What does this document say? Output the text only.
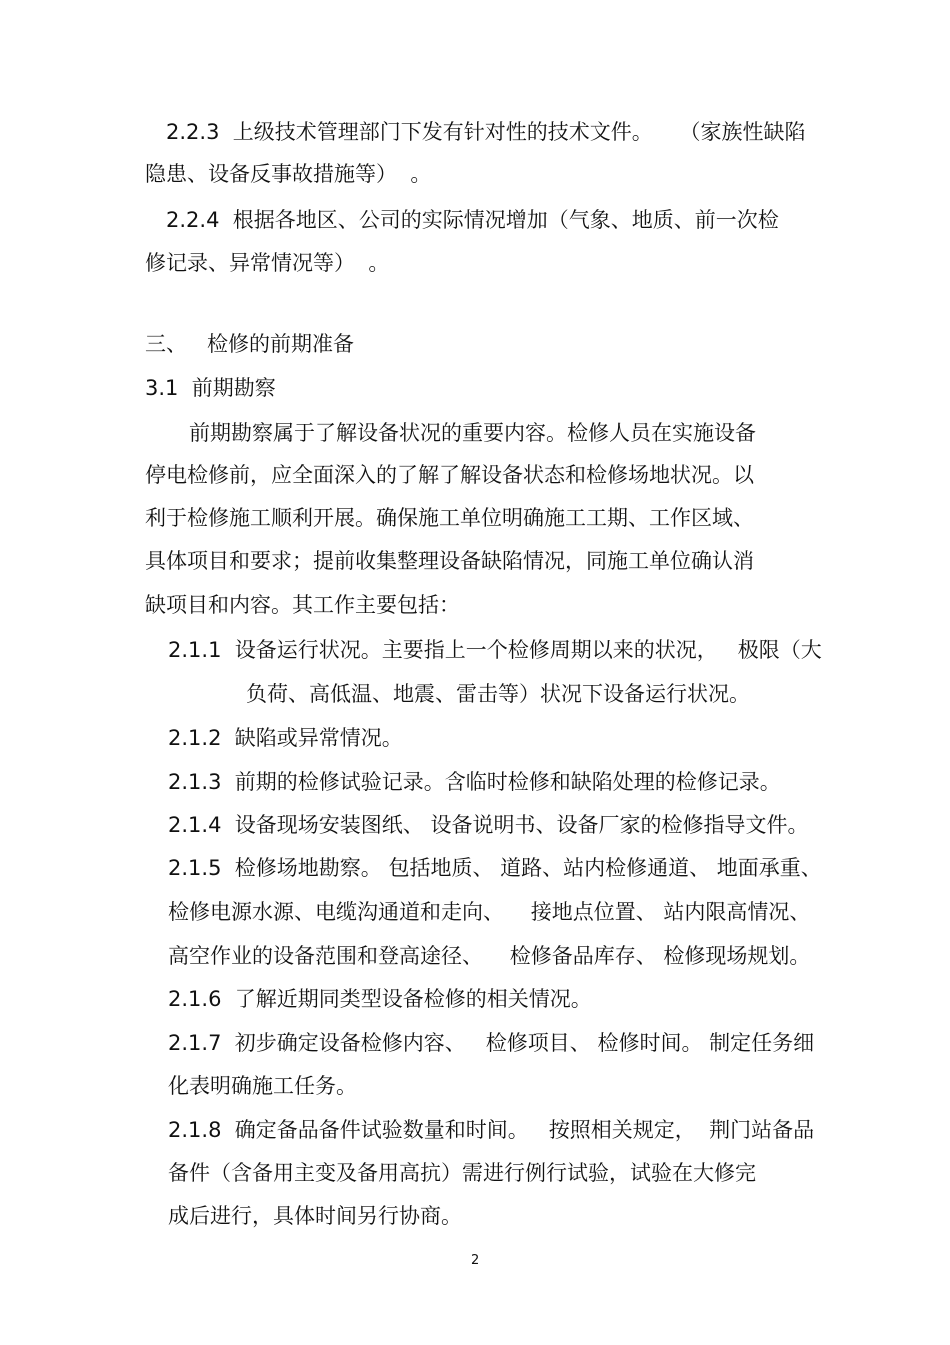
2.2.3  上级技术管理部门下发有针对性的技术文件。    （家族性缺陷
隐患、设备反事故措施等）  。
2.2.4  根据各地区、公司的实际情况增加（气象、地质、前一次检
修记录、异常情况等）  。
三、   检修的前期准备
3.1  前期勘察
前期勘察属于了解设备状况的重要内容。检修人员在实施设备
停电检修前，应全面深入的了解了解设备状态和检修场地状况。以
利于检修施工顺利开展。确保施工单位明确施工工期、工作区域、
具体项目和要求；提前收集整理设备缺陷情况，同施工单位确认消
缺项目和内容。其工作主要包括：
2.1.1  设备运行状况。主要指上一个检修周期以来的状况，   极限（大
负荷、高低温、地震、雷击等）状况下设备运行状况。
2.1.2  缺陷或异常情况。
2.1.3  前期的检修试验记录。含临时检修和缺陷处理的检修记录。
2.1.4  设备现场安装图纸、 设备说明书、设备厂家的检修指导文件。
2.1.5  检修场地勘察。 包括地质、 道路、站内检修通道、 地面承重、
检修电源水源、电缆沟通道和走向、    接地点位置、 站内限高情况、
高空作业的设备范围和登高途径、    检修备品库存、 检修现场规划。
2.1.6  了解近期同类型设备检修的相关情况。
2.1.7  初步确定设备检修内容、   检修项目、 检修时间。 制定任务细
化表明确施工任务。
2.1.8  确定备品备件试验数量和时间。   按照相关规定，  荆门站备品
备件（含备用主变及备用高抗）需进行例行试验，试验在大修完
成后进行，具体时间另行协商。
2
